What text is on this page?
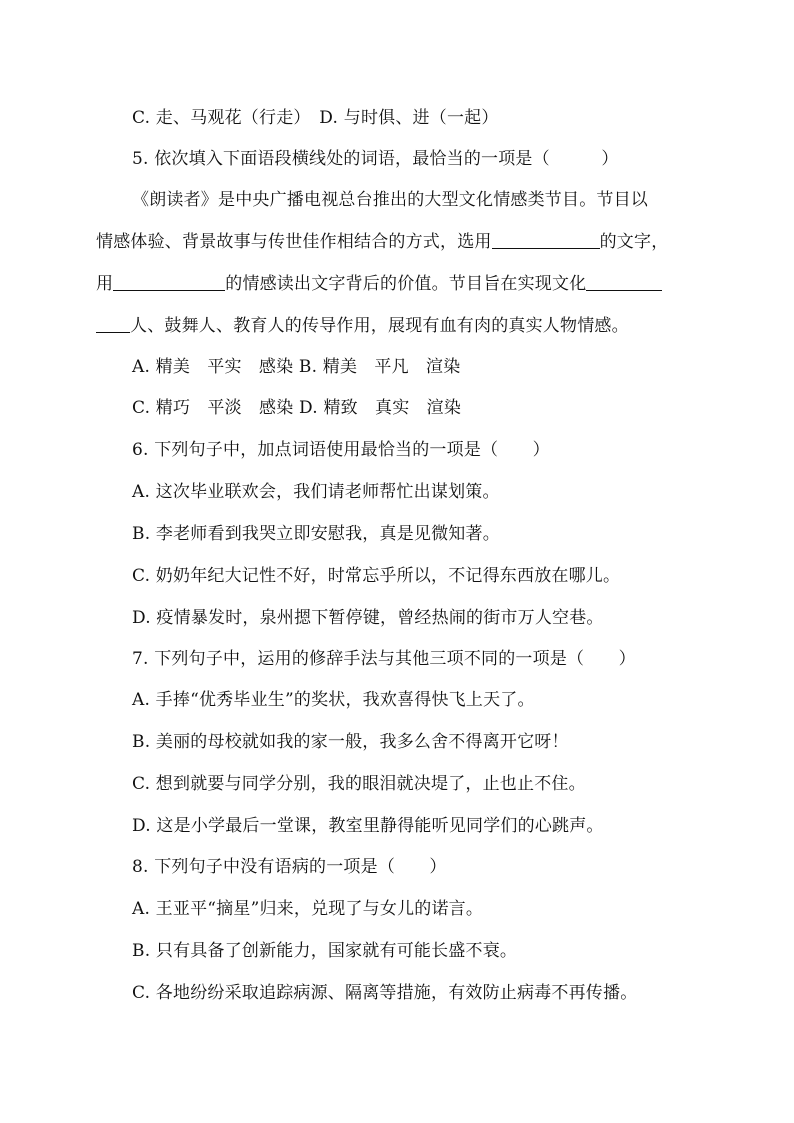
C. 走、马观花（行走）　D. 与时俱、进（一起）
5. 依次填入下面语段横线处的词语，最恰当的一项是（　　　）
《朗读者》是中央广播电视总台推出的大型文化情感类节目。节目以
情感体验、背景故事与传世佳作相结合的方式，选用	的文字，
用	的情感读出文字背后的价值。节目旨在实现文化
人、鼓舞人、教育人的传导作用，展现有血有肉的真实人物情感。
A. 精美　平实　感染 B. 精美　平凡　渲染
C. 精巧　平淡　感染 D. 精致　真实　渲染
6. 下列句子中，加点词语使用最恰当的一项是（　　）
A. 这次毕业联欢会，我们请老师帮忙出谋划策。
B. 李老师看到我哭立即安慰我，真是见微知著。
C. 奶奶年纪大记性不好，时常忘乎所以，不记得东西放在哪儿。
D. 疫情暴发时，泉州摁下暂停键，曾经热闹的街市万人空巷。
7. 下列句子中，运用的修辞手法与其他三项不同的一项是（　　）
A. 手捧“优秀毕业生”的奖状，我欢喜得快飞上天了。
B. 美丽的母校就如我的家一般，我多么舍不得离开它呀！
C. 想到就要与同学分别，我的眼泪就决堤了，止也止不住。
D. 这是小学最后一堂课，教室里静得能听见同学们的心跳声。
8. 下列句子中没有语病的一项是（　　）
A. 王亚平“摘星”归来，兑现了与女儿的诺言。
B. 只有具备了创新能力，国家就有可能长盛不衰。
C. 各地纷纷采取追踪病源、隔离等措施，有效防止病毒不再传播。
